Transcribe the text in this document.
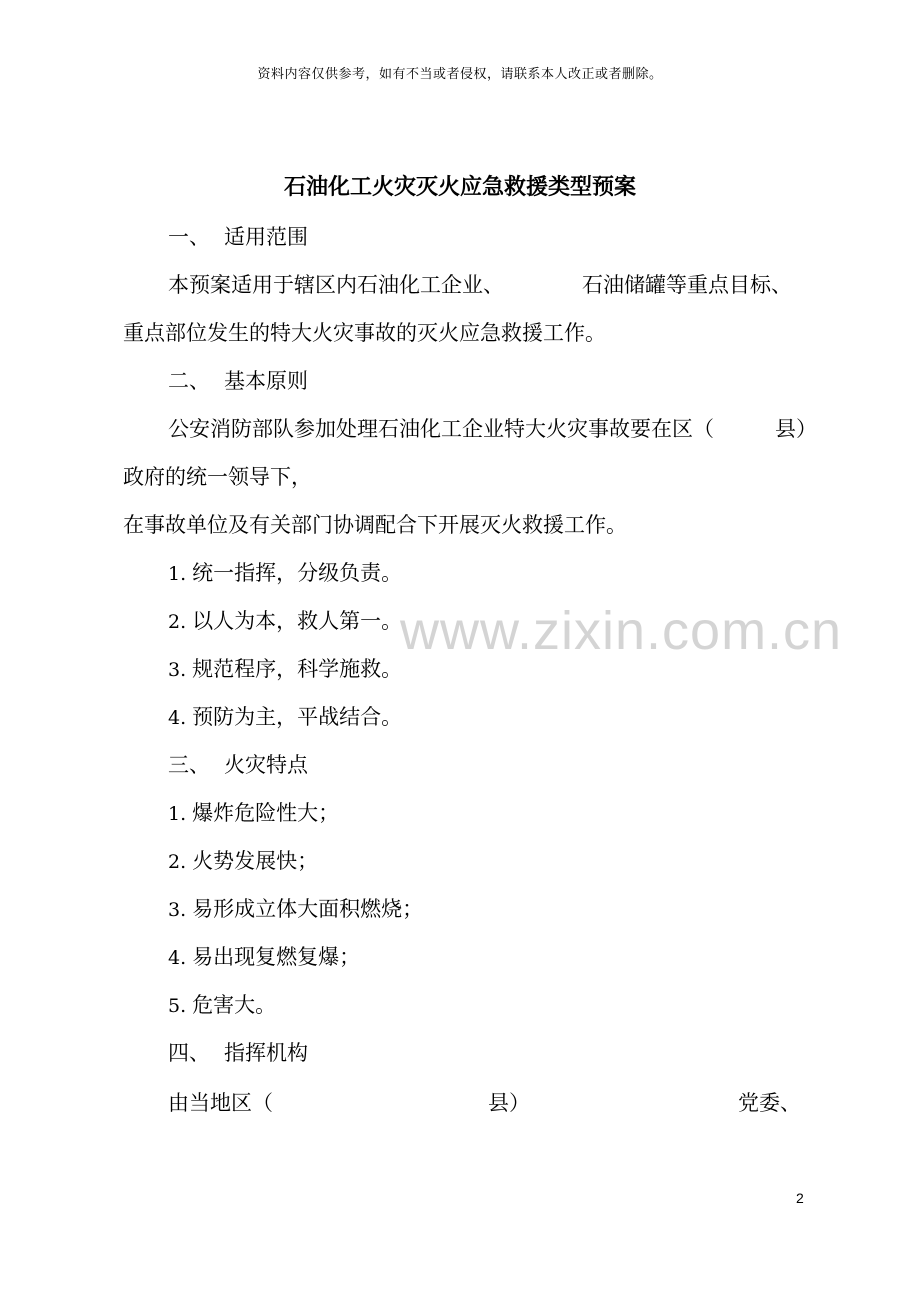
资料内容仅供参考，如有不当或者侵权，请联系本人改正或者删除。
石油化工火灾灭火应急救援类型预案
一、 适用范围
本预案适用于辖区内石油化工企业、	石油储罐等重点目标、
重点部位发生的特大火灾事故的灭火应急救援工作。
二、 基本原则
公安消防部队参加处理石油化工企业特大火灾事故要在区（	县）
政府的统一领导下，
在事故单位及有关部门协调配合下开展灭火救援工作。
1. 统一指挥，分级负责。
2. 以人为本，救人第一。
3. 规范程序，科学施救。
4. 预防为主，平战结合。
三、 火灾特点
1. 爆炸危险性大；
2. 火势发展快；
3. 易形成立体大面积燃烧；
4. 易出现复燃复爆；
5. 危害大。
四、 指挥机构
由当地区（	县）	党委、
www.zixin.com.cn
2
